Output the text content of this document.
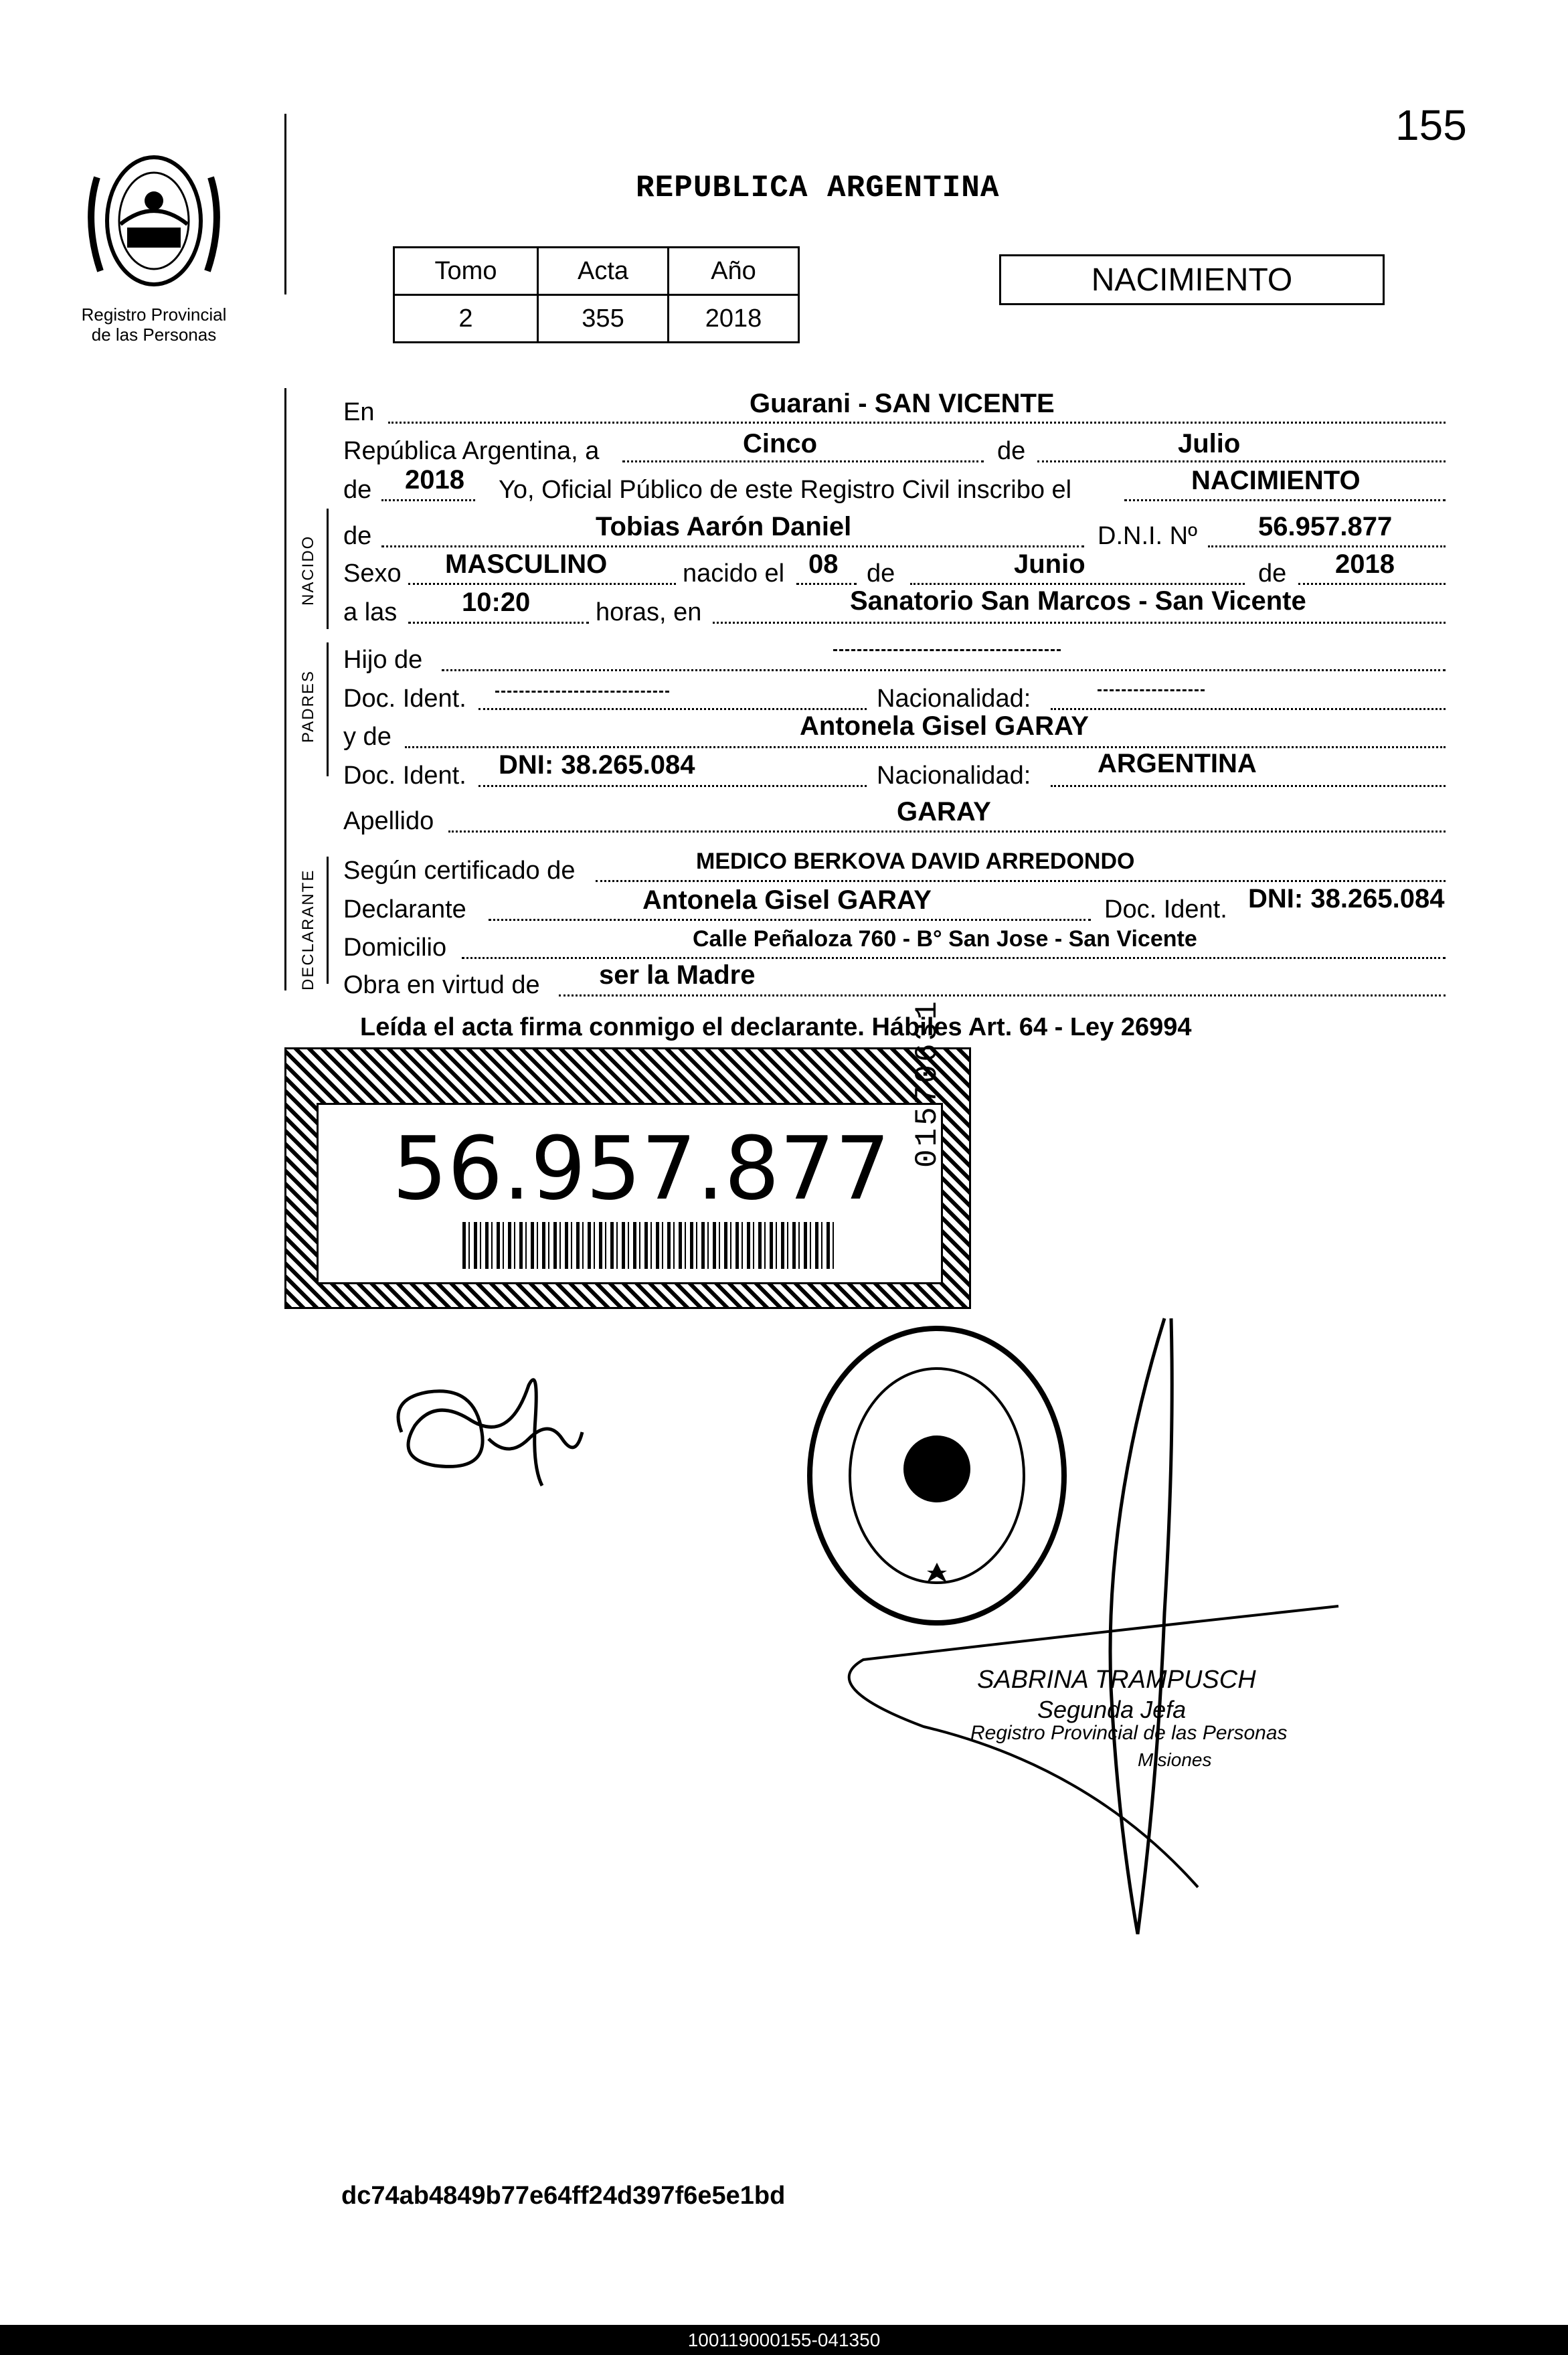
155
Registro Provincial
de las Personas
REPUBLICA ARGENTINA
Tomo	Acta	Año
2	355	2018
NACIMIENTO
En	Guarani - SAN VICENTE
República Argentina, a	Cinco	de	Julio
de 2018 Yo, Oficial Público de este Registro Civil inscribo el	NACIMIENTO
NACIDO de	Tobias Aarón Daniel	D.N.I. Nº 56.957.877
Sexo MASCULINO	nacido el 08 de	Junio	de 2018
a las 10:20	horas, en	Sanatorio San Marcos - San Vicente
PADRES
Hijo de
Doc. Ident.	Nacionalidad:
y de	Antonela Gisel GARAY
Doc. Ident. DNI: 38.265.084	Nacionalidad: ARGENTINA
Apellido	GARAY
DECLARANTE Según certificado de	MEDICO BERKOVA DAVID ARREDONDO
Declarante	Antonela Gisel GARAY	Doc. Ident. DNI: 38.265.084
Domicilio	Calle Peñaloza 760 - B° San Jose - San Vicente
Obra en virtud de ser la Madre
Leída el acta firma conmigo el declarante. Hábiles Art. 64 - Ley 26994
56.957.877
01570631
SABRINA TRAMPUSCH
Segunda Jefa
Registro Provincial de las Personas
Misiones
dc74ab4849b77e64ff24d397f6e5e1bd
100119000155-041350
